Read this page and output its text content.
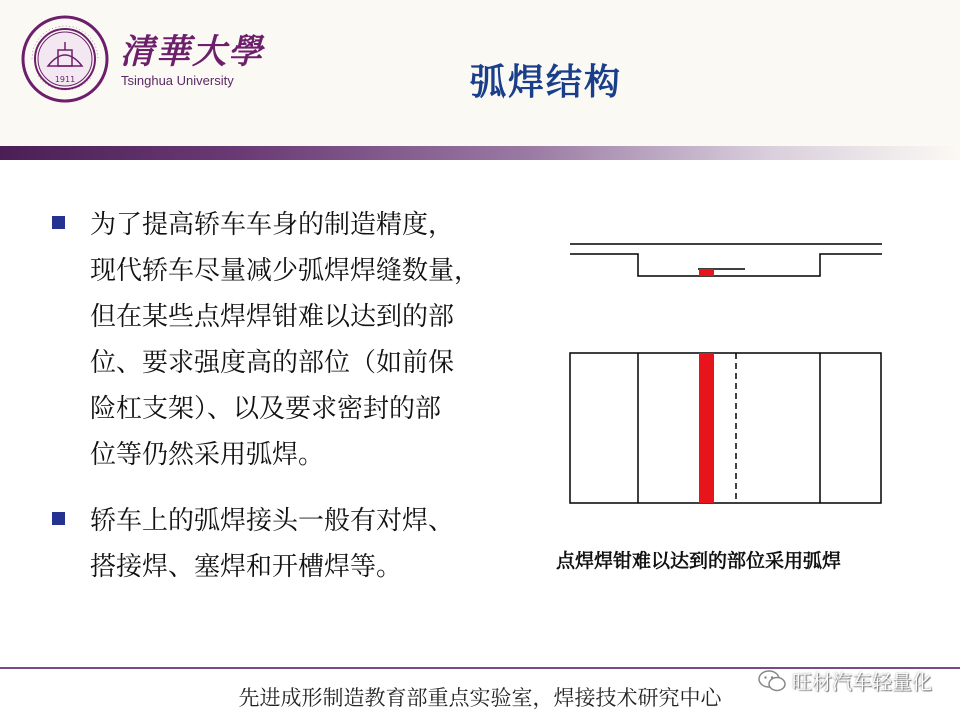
1911
清華大學
Tsinghua University	弧焊结构
为了提高轿车车身的制造精度，
现代轿车尽量减少弧焊焊缝数量，
但在某些点焊焊钳难以达到的部
位、要求强度高的部位（如前保
险杠支架）、以及要求密封的部
位等仍然采用弧焊。
轿车上的弧焊接头一般有对焊、
搭接焊、塞焊和开槽焊等。	点焊焊钳难以达到的部位采用弧焊
先进成形制造教育部重点实验室，焊接技术研究中心
旺材汽车轻量化
